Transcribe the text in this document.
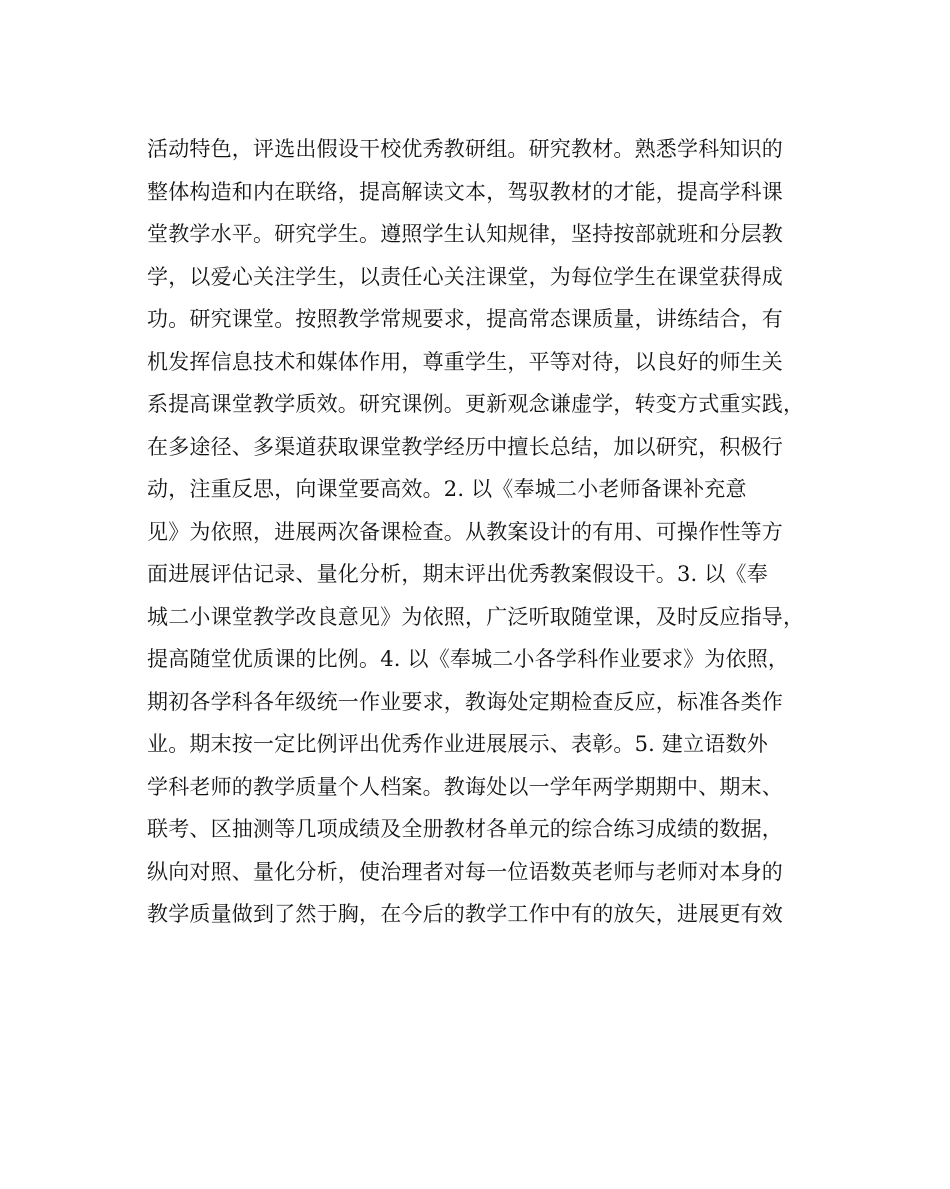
活动特色，评选出假设干校优秀教研组。研究教材。熟悉学科知识的
整体构造和内在联络，提高解读文本，驾驭教材的才能，提高学科课
堂教学水平。研究学生。遵照学生认知规律，坚持按部就班和分层教
学，以爱心关注学生，以责任心关注课堂，为每位学生在课堂获得成
功。研究课堂。按照教学常规要求，提高常态课质量，讲练结合，有
机发挥信息技术和媒体作用，尊重学生，平等对待，以良好的师生关
系提高课堂教学质效。研究课例。更新观念谦虚学，转变方式重实践，
在多途径、多渠道获取课堂教学经历中擅长总结，加以研究，积极行
动，注重反思，向课堂要高效。2. 以《奉城二小老师备课补充意
见》为依照，进展两次备课检查。从教案设计的有用、可操作性等方
面进展评估记录、量化分析，期末评出优秀教案假设干。3. 以《奉
城二小课堂教学改良意见》为依照，广泛听取随堂课，及时反应指导，
提高随堂优质课的比例。4. 以《奉城二小各学科作业要求》为依照，
期初各学科各年级统一作业要求，教诲处定期检查反应，标准各类作
业。期末按一定比例评出优秀作业进展展示、表彰。5. 建立语数外
学科老师的教学质量个人档案。教诲处以一学年两学期期中、期末、
联考、区抽测等几项成绩及全册教材各单元的综合练习成绩的数据，
纵向对照、量化分析，使治理者对每一位语数英老师与老师对本身的
教学质量做到了然于胸，在今后的教学工作中有的放矢，进展更有效
